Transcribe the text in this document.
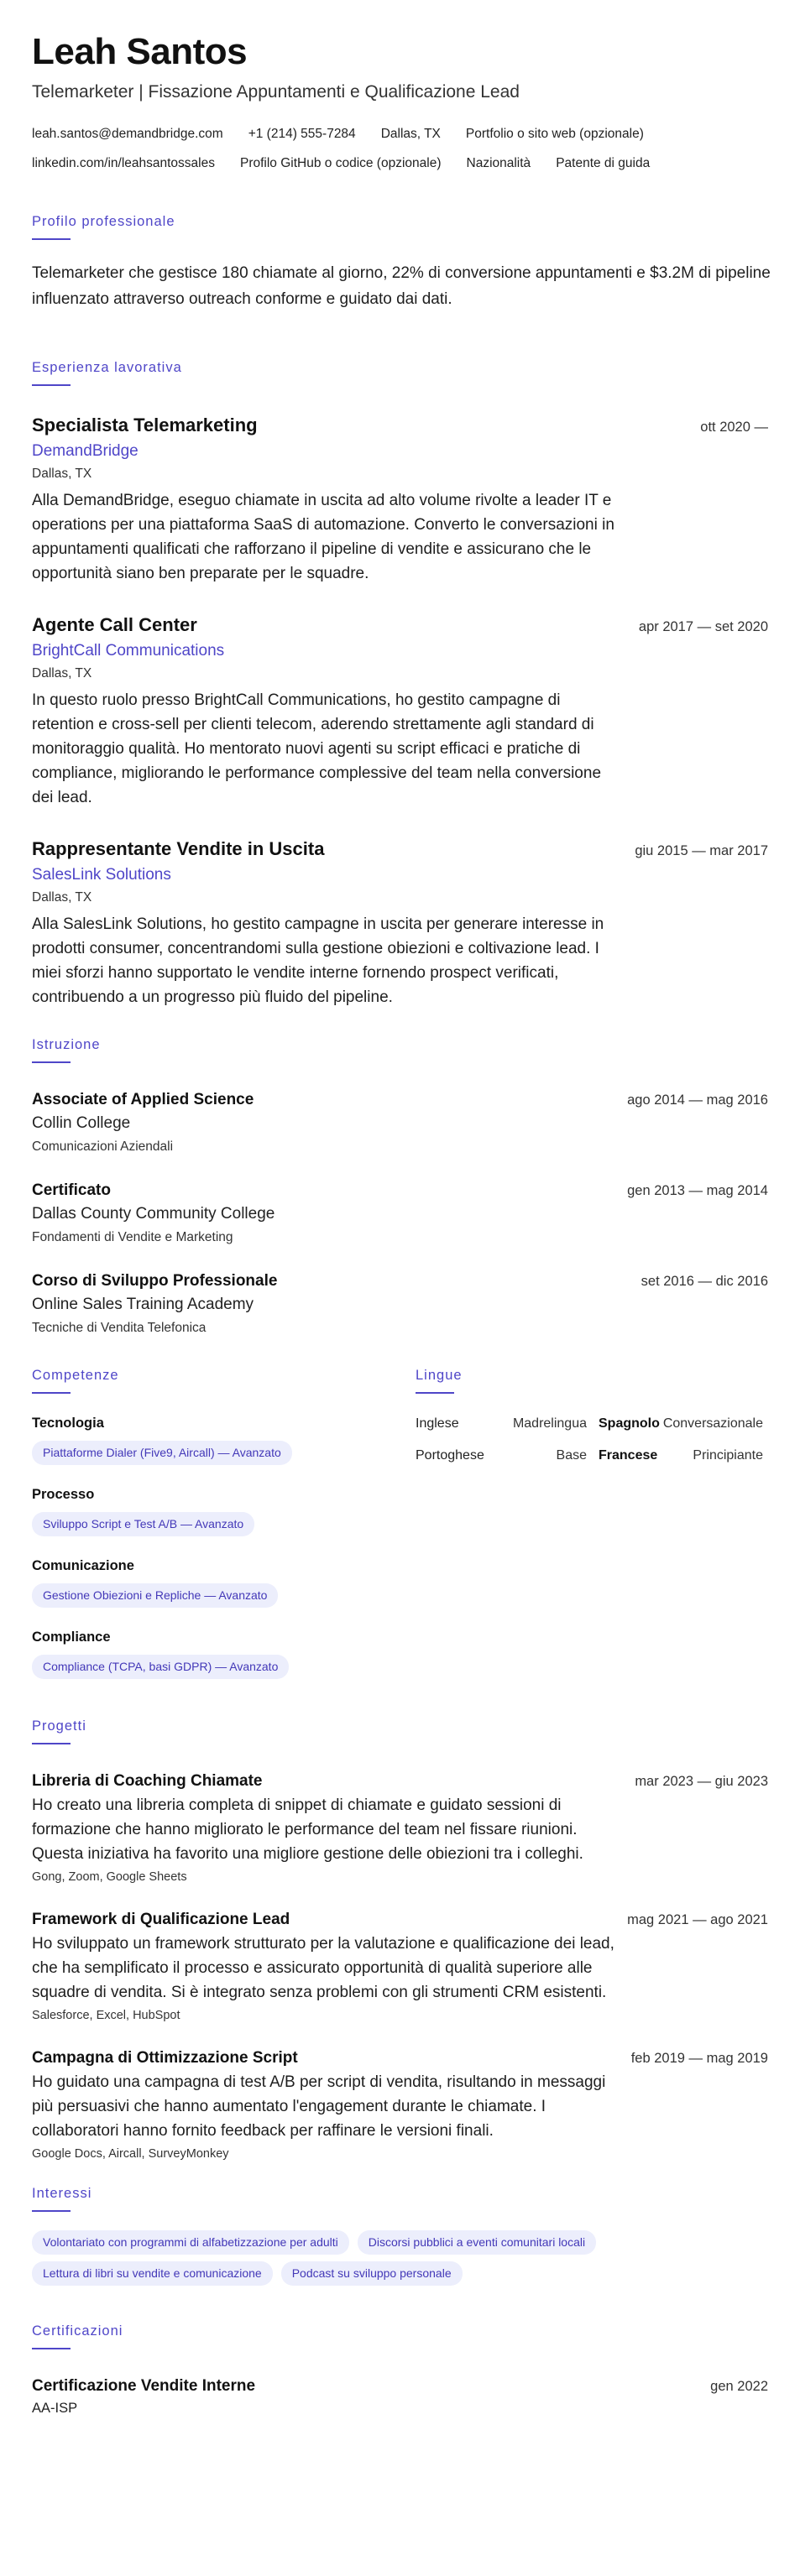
Leah Santos
Telemarketer | Fissazione Appuntamenti e Qualificazione Lead
leah.santos@demandbridge.com +1 (214) 555-7284 Dallas, TX Portfolio o sito web (opzionale)
linkedin.com/in/leahsantossales Profilo GitHub o codice (opzionale) Nazionalità Patente di guida
Profilo professionale
Telemarketer che gestisce 180 chiamate al giorno, 22% di conversione appuntamenti e $3.2M di pipeline influenzato attraverso outreach conforme e guidato dai dati.
Esperienza lavorativa
Specialista Telemarketing	ott 2020 —
DemandBridge
Dallas, TX
Alla DemandBridge, eseguo chiamate in uscita ad alto volume rivolte a leader IT e operations per una piattaforma SaaS di automazione. Converto le conversazioni in appuntamenti qualificati che rafforzano il pipeline di vendite e assicurano che le opportunità siano ben preparate per le squadre.
Agente Call Center	apr 2017 — set 2020
BrightCall Communications
Dallas, TX
In questo ruolo presso BrightCall Communications, ho gestito campagne di retention e cross-sell per clienti telecom, aderendo strettamente agli standard di monitoraggio qualità. Ho mentorato nuovi agenti su script efficaci e pratiche di compliance, migliorando le performance complessive del team nella conversione dei lead.
Rappresentante Vendite in Uscita	giu 2015 — mar 2017
SalesLink Solutions
Dallas, TX
Alla SalesLink Solutions, ho gestito campagne in uscita per generare interesse in prodotti consumer, concentrandomi sulla gestione obiezioni e coltivazione lead. I miei sforzi hanno supportato le vendite interne fornendo prospect verificati, contribuendo a un progresso più fluido del pipeline.
Istruzione
Associate of Applied Science	ago 2014 — mag 2016
Collin College
Comunicazioni Aziendali
Certificato	gen 2013 — mag 2014
Dallas County Community College
Fondamenti di Vendite e Marketing
Corso di Sviluppo Professionale	set 2016 — dic 2016
Online Sales Training Academy
Tecniche di Vendita Telefonica
Competenze
Tecnologia
Piattaforme Dialer (Five9, Aircall) — Avanzato
Processo
Sviluppo Script e Test A/B — Avanzato
Comunicazione
Gestione Obiezioni e Repliche — Avanzato
Compliance
Compliance (TCPA, basi GDPR) — Avanzato
Lingue
Inglese	Madrelingua Spagnolo Conversazionale
Portoghese	Base Francese	Principiante
Progetti
Libreria di Coaching Chiamate	mar 2023 — giu 2023
Ho creato una libreria completa di snippet di chiamate e guidato sessioni di formazione che hanno migliorato le performance del team nel fissare riunioni. Questa iniziativa ha favorito una migliore gestione delle obiezioni tra i colleghi.
Gong, Zoom, Google Sheets
Framework di Qualificazione Lead	mag 2021 — ago 2021
Ho sviluppato un framework strutturato per la valutazione e qualificazione dei lead, che ha semplificato il processo e assicurato opportunità di qualità superiore alle squadre di vendita. Si è integrato senza problemi con gli strumenti CRM esistenti.
Salesforce, Excel, HubSpot
Campagna di Ottimizzazione Script	feb 2019 — mag 2019
Ho guidato una campagna di test A/B per script di vendita, risultando in messaggi più persuasivi che hanno aumentato l'engagement durante le chiamate. I collaboratori hanno fornito feedback per raffinare le versioni finali.
Google Docs, Aircall, SurveyMonkey
Interessi
Volontariato con programmi di alfabetizzazione per adulti	Discorsi pubblici a eventi comunitari locali
Lettura di libri su vendite e comunicazione	Podcast su sviluppo personale
Certificazioni
Certificazione Vendite Interne	gen 2022
AA-ISP
